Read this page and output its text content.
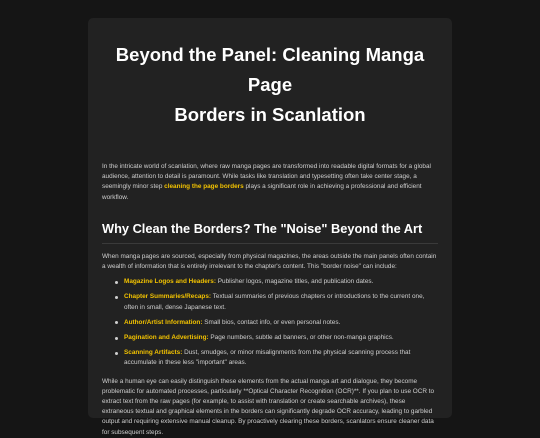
Beyond the Panel: Cleaning Manga Page
Borders in Scanlation

In the intricate world of scanlation, where raw manga pages are transformed into readable digital formats for a global audience, attention to detail is paramount. While tasks like translation and typesetting often take center stage, a seemingly minor step cleaning the page borders plays a significant role in achieving a professional and efficient workflow.

Why Clean the Borders? The "Noise" Beyond the Art

When manga pages are sourced, especially from physical magazines, the areas outside the main panels often contain a wealth of information that is entirely irrelevant to the chapter's content. This "border noise" can include:

Magazine Logos and Headers: Publisher logos, magazine titles, and publication dates.
Chapter Summaries/Recaps: Textual summaries of previous chapters or introductions to the current one, often in small, dense Japanese text.
Author/Artist Information: Small bios, contact info, or even personal notes.
Pagination and Advertising: Page numbers, subtle ad banners, or other non-manga graphics.
Scanning Artifacts: Dust, smudges, or minor misalignments from the physical scanning process that accumulate in these less "important" areas.

While a human eye can easily distinguish these elements from the actual manga art and dialogue, they become problematic for automated processes, particularly **Optical Character Recognition (OCR)**. If you plan to use OCR to extract text from the raw pages (for example, to assist with translation or create searchable archives), these extraneous textual and graphical elements in the borders can significantly degrade OCR accuracy, leading to garbled output and requiring extensive manual cleanup. By proactively clearing these borders, scanlators ensure cleaner data for subsequent steps.
